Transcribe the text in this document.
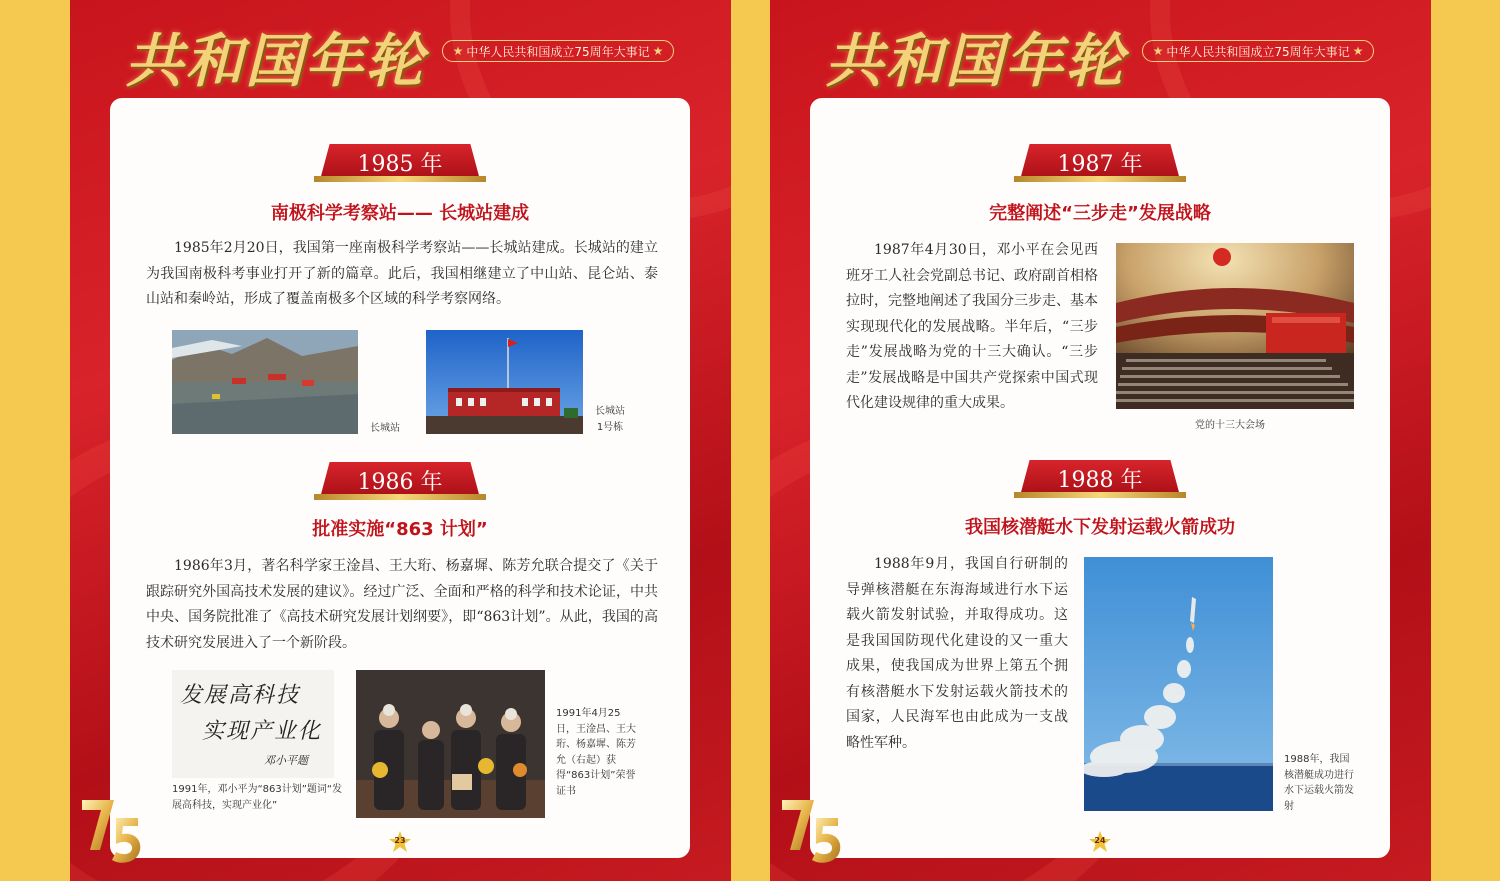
共和国年轮 ★ 中华人民共和国成立75周年大事记 ★
1985 年
南极科学考察站—— 长城站建成
1985年2月20日，我国第一座南极科学考察站——长城站建成。长城站的建立为我国南极科考事业打开了新的篇章。此后，我国相继建立了中山站、昆仑站、泰山站和秦岭站，形成了覆盖南极多个区域的科学考察网络。
长城站
长城站
1号栋
1986 年
批准实施“863 计划”
1986年3月，著名科学家王淦昌、王大珩、杨嘉墀、陈芳允联合提交了《关于跟踪研究外国高技术发展的建议》。经过广泛、全面和严格的科学和技术论证，中共中央、国务院批准了《高技术研究发展计划纲要》，即“863计划”。从此，我国的高技术研究发展进入了一个新阶段。
发展高科技
实现产业化
邓小平题
1991年，邓小平为“863计划”题词“发展高科技，实现产业化”
1991年4月25日，王淦昌、王大珩、杨嘉墀、陈芳允（右起）获得“863计划”荣誉证书
23
共和国年轮 ★ 中华人民共和国成立75周年大事记 ★
1987 年
完整阐述“三步走”发展战略
1987年4月30日，邓小平在会见西班牙工人社会党副总书记、政府副首相格拉时，完整地阐述了我国分三步走、基本实现现代化的发展战略。半年后，“三步走”发展战略为党的十三大确认。“三步走”发展战略是中国共产党探索中国式现代化建设规律的重大成果。
党的十三大会场
1988 年
我国核潜艇水下发射运载火箭成功
1988年9月，我国自行研制的导弹核潜艇在东海海域进行水下运载火箭发射试验，并取得成功。这是我国国防现代化建设的又一重大成果，使我国成为世界上第五个拥有核潜艇水下发射运载火箭技术的国家，人民海军也由此成为一支战略性军种。
1988年，我国核潜艇成功进行水下运载火箭发射
24
